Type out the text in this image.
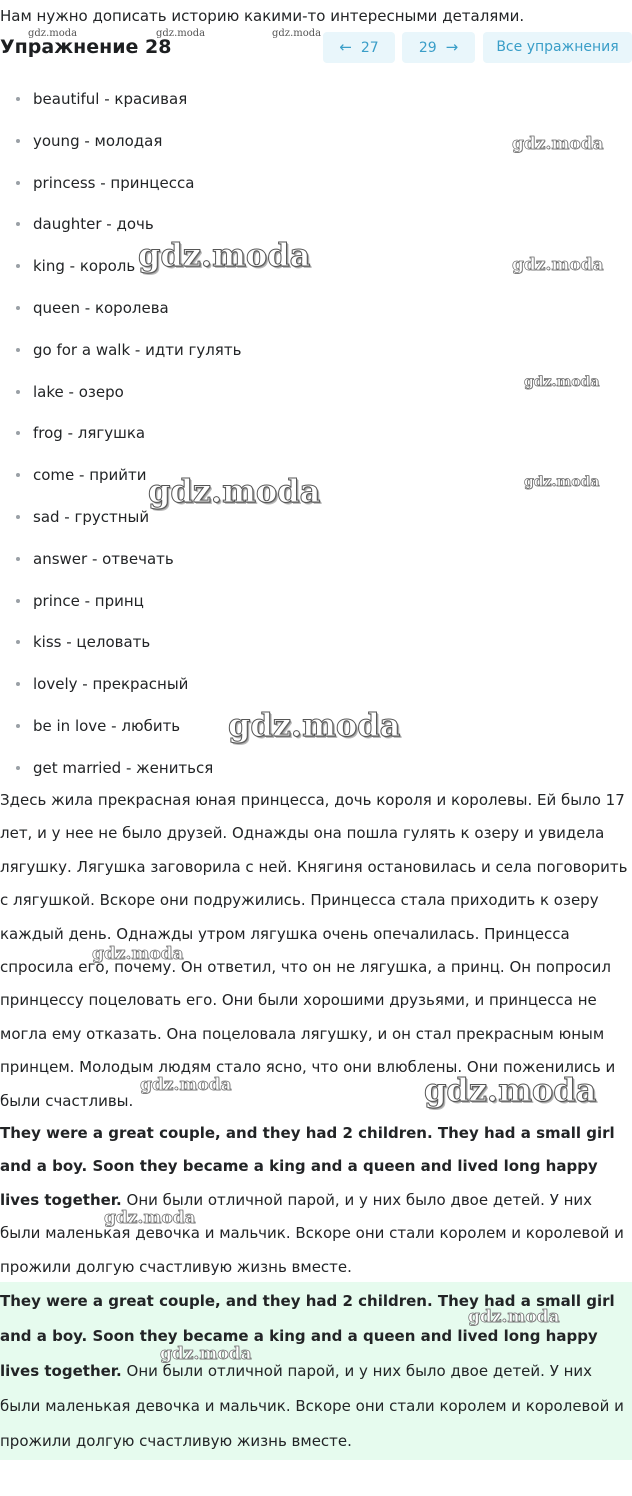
Нам нужно дописать историю какими-то интересными деталями.
Упражнение 28	← 27	29 →	Все упражнения
beautiful - красивая
young - молодая
princess - принцесса
daughter - дочь
king - король
queen - королева
go for a walk - идти гулять
lake - озеро
frog - лягушка
come - прийти
sad - грустный
answer - отвечать
prince - принц
kiss - целовать
lovely - прекрасный
be in love - любить
get married - жениться

Здесь жила прекрасная юная принцесса, дочь короля и королевы. Ей было 17 лет, и у нее не было друзей. Однажды она пошла гулять к озеру и увидела лягушку. Лягушка заговорила с ней. Княгиня остановилась и села поговорить с лягушкой. Вскоре они подружились. Принцесса стала приходить к озеру каждый день. Однажды утром лягушка очень опечалилась. Принцесса спросила его, почему. Он ответил, что он не лягушка, а принц. Он попросил принцессу поцеловать его. Они были хорошими друзьями, и принцесса не могла ему отказать. Она поцеловала лягушку, и он стал прекрасным юным принцем. Молодым людям стало ясно, что они влюблены. Они поженились и были счастливы.

They were a great couple, and they had 2 children. They had a small girl and a boy. Soon they became a king and a queen and lived long happy lives together. Они были отличной парой, и у них было двое детей. У них были маленькая девочка и мальчик. Вскоре они стали королем и королевой и прожили долгую счастливую жизнь вместе.

They were a great couple, and they had 2 children. They had a small girl and a boy. Soon they became a king and a queen and lived long happy lives together. Они были отличной парой, и у них было двое детей. У них были маленькая девочка и мальчик. Вскоре они стали королем и королевой и прожили долгую счастливую жизнь вместе.

gdz.moda	gdz.moda	gdz.moda
gdz.moda
gdz.moda	gdz.moda
gdz.moda
gdz.moda	gdz.moda
gdz.moda
gdz.moda
gdz.moda	gdz.moda
gdz.moda
gdz.moda
gdz.moda
